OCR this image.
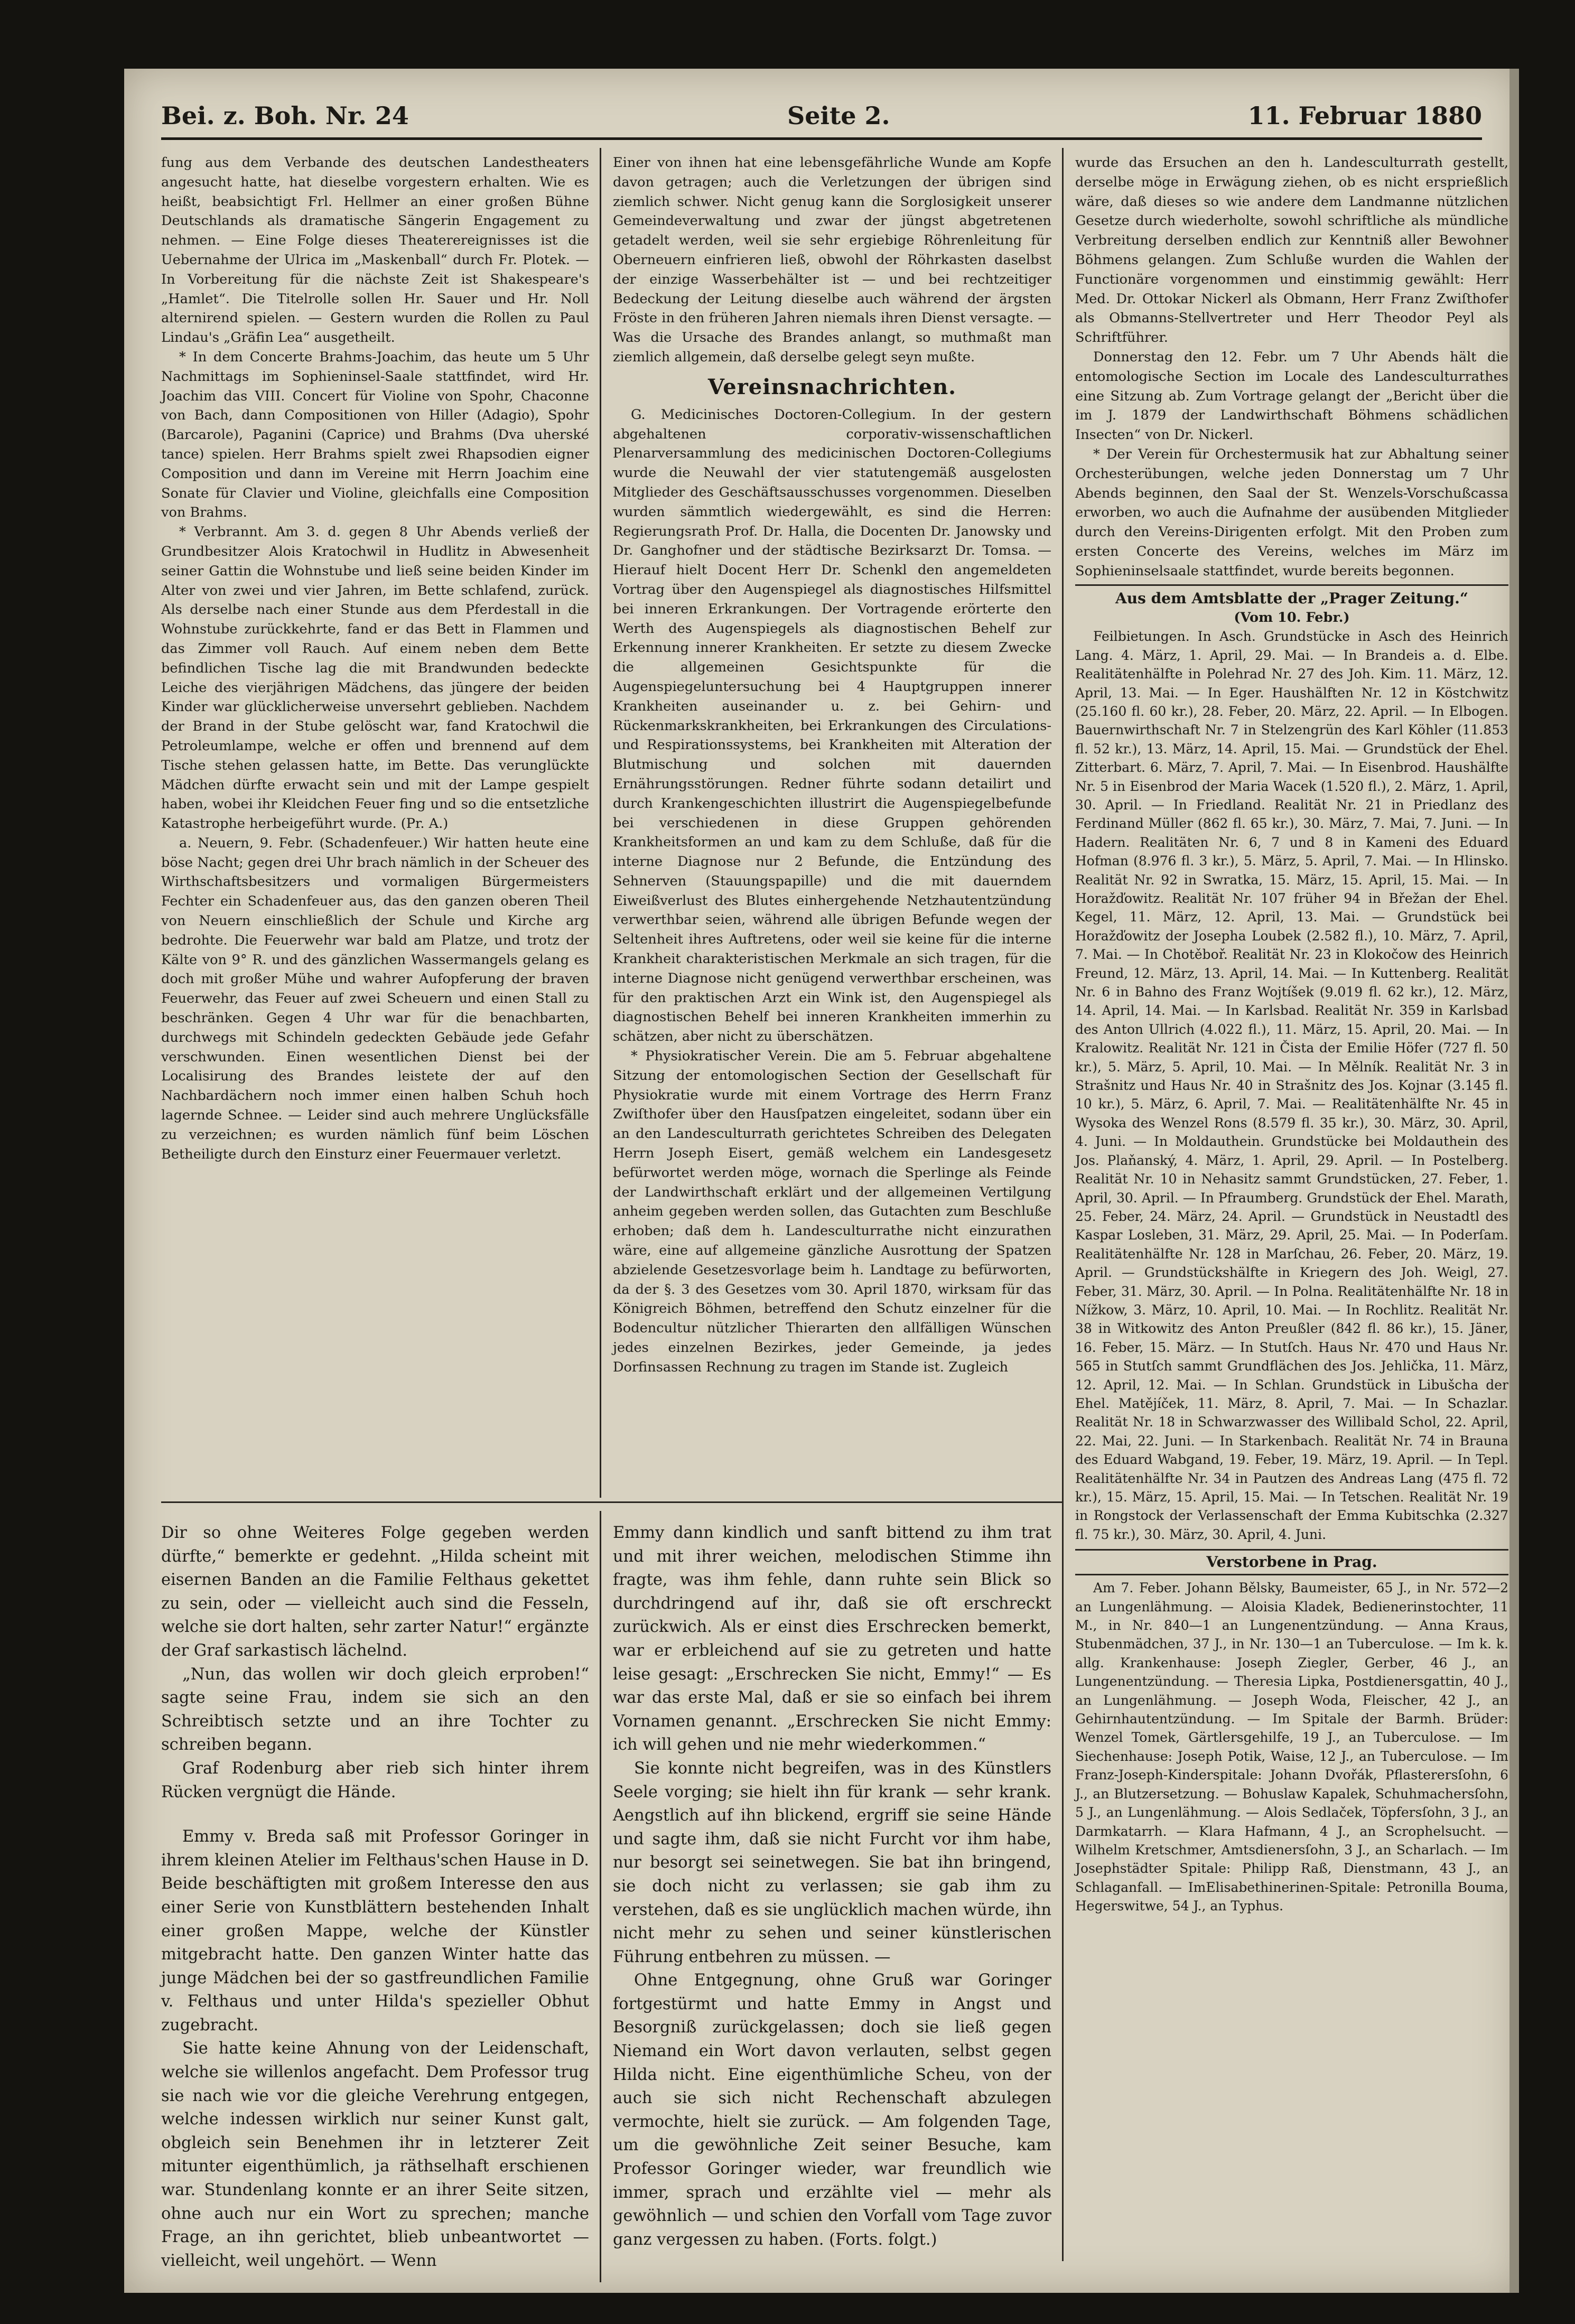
Bei. z. Boh. Nr. 24	Seite 2.	11. Februar 1880

fung aus dem Verbande des deutschen Landestheaters angesucht hatte, hat dieselbe vorgestern erhalten. Wie es heißt, beabsichtigt Frl. Hellmer an einer großen Bühne Deutschlands als dramatische Sängerin Engagement zu nehmen. — Eine Folge dieses Theaterereignisses ist die Uebernahme der Ulrica im „Maskenball“ durch Fr. Plotek. — In Vorbereitung für die nächste Zeit ist Shakespeare's „Hamlet“. Die Titelrolle sollen Hr. Sauer und Hr. Noll alternirend spielen. — Gestern wurden die Rollen zu Paul Lindau's „Gräfin Lea“ ausgetheilt.

* In dem Concerte Brahms-Joachim, das heute um 5 Uhr Nachmittags im Sophieninsel-Saale stattfindet, wird Hr. Joachim das VIII. Concert für Violine von Spohr, Chaconne von Bach, dann Compositionen von Hiller (Adagio), Spohr (Barcarole), Paganini (Caprice) und Brahms (Dva uherské tance) spielen. Herr Brahms spielt zwei Rhapsodien eigner Composition und dann im Vereine mit Herrn Joachim eine Sonate für Clavier und Violine, gleichfalls eine Composition von Brahms.

* Verbrannt. Am 3. d. gegen 8 Uhr Abends verließ der Grundbesitzer Alois Kratochwil in Hudlitz in Abwesenheit seiner Gattin die Wohnstube und ließ seine beiden Kinder im Alter von zwei und vier Jahren, im Bette schlafend, zurück. Als derselbe nach einer Stunde aus dem Pferdestall in die Wohnstube zurückkehrte, fand er das Bett in Flammen und das Zimmer voll Rauch. Auf einem neben dem Bette befindlichen Tische lag die mit Brandwunden bedeckte Leiche des vierjährigen Mädchens, das jüngere der beiden Kinder war glücklicherweise unversehrt geblieben. Nachdem der Brand in der Stube gelöscht war, fand Kratochwil die Petroleumlampe, welche er offen und brennend auf dem Tische stehen gelassen hatte, im Bette. Das verunglückte Mädchen dürfte erwacht sein und mit der Lampe gespielt haben, wobei ihr Kleidchen Feuer fing und so die entsetzliche Katastrophe herbeigeführt wurde. (Pr. A.)

a. Neuern, 9. Febr. (Schadenfeuer.) Wir hatten heute eine böse Nacht; gegen drei Uhr brach nämlich in der Scheuer des Wirthschaftsbesitzers und vormaligen Bürgermeisters Fechter ein Schadenfeuer aus, das den ganzen oberen Theil von Neuern einschließlich der Schule und Kirche arg bedrohte. Die Feuerwehr war bald am Platze, und trotz der Kälte von 9° R. und des gänzlichen Wassermangels gelang es doch mit großer Mühe und wahrer Aufopferung der braven Feuerwehr, das Feuer auf zwei Scheuern und einen Stall zu beschränken. Gegen 4 Uhr war für die benachbarten, durchwegs mit Schindeln gedeckten Gebäude jede Gefahr verschwunden. Einen wesentlichen Dienst bei der Localisirung des Brandes leistete der auf den Nachbardächern noch immer einen halben Schuh hoch lagernde Schnee. — Leider sind auch mehrere Unglücksfälle zu verzeichnen; es wurden nämlich fünf beim Löschen Betheiligte durch den Einsturz einer Feuermauer verletzt.

Einer von ihnen hat eine lebensgefährliche Wunde am Kopfe davon getragen; auch die Verletzungen der übrigen sind ziemlich schwer. Nicht genug kann die Sorglosigkeit unserer Gemeindeverwaltung und zwar der jüngst abgetretenen getadelt werden, weil sie sehr ergiebige Röhrenleitung für Oberneuern einfrieren ließ, obwohl der Röhrkasten daselbst der einzige Wasserbehälter ist — und bei rechtzeitiger Bedeckung der Leitung dieselbe auch während der ärgsten Fröste in den früheren Jahren niemals ihren Dienst versagte. — Was die Ursache des Brandes anlangt, so muthmaßt man ziemlich allgemein, daß derselbe gelegt seyn mußte.

Vereinsnachrichten.

G. Medicinisches Doctoren-Collegium. In der gestern abgehaltenen corporativ-wissenschaftlichen Plenarversammlung des medicinischen Doctoren-Collegiums wurde die Neuwahl der vier statutengemäß ausgelosten Mitglieder des Geschäftsausschusses vorgenommen. Dieselben wurden sämmtlich wiedergewählt, es sind die Herren: Regierungsrath Prof. Dr. Halla, die Docenten Dr. Janowsky und Dr. Ganghofner und der städtische Bezirksarzt Dr. Tomsa. — Hierauf hielt Docent Herr Dr. Schenkl den angemeldeten Vortrag über den Augenspiegel als diagnostisches Hilfsmittel bei inneren Erkrankungen. Der Vortragende erörterte den Werth des Augenspiegels als diagnostischen Behelf zur Erkennung innerer Krankheiten. Er setzte zu diesem Zwecke die allgemeinen Gesichtspunkte für die Augenspiegeluntersuchung bei 4 Hauptgruppen innerer Krankheiten auseinander u. z. bei Gehirn- und Rückenmarkskrankheiten, bei Erkrankungen des Circulations- und Respirationssystems, bei Krankheiten mit Alteration der Blutmischung und solchen mit dauernden Ernährungsstörungen. Redner führte sodann detailirt und durch Krankengeschichten illustrirt die Augenspiegelbefunde bei verschiedenen in diese Gruppen gehörenden Krankheitsformen an und kam zu dem Schluße, daß für die interne Diagnose nur 2 Befunde, die Entzündung des Sehnerven (Stauungspapille) und die mit dauerndem Eiweißverlust des Blutes einhergehende Netzhautentzündung verwerthbar seien, während alle übrigen Befunde wegen der Seltenheit ihres Auftretens, oder weil sie keine für die interne Krankheit charakteristischen Merkmale an sich tragen, für die interne Diagnose nicht genügend verwerthbar erscheinen, was für den praktischen Arzt ein Wink ist, den Augenspiegel als diagnostischen Behelf bei inneren Krankheiten immerhin zu schätzen, aber nicht zu überschätzen.

* Physiokratischer Verein. Die am 5. Februar abgehaltene Sitzung der entomologischen Section der Gesellschaft für Physiokratie wurde mit einem Vortrage des Herrn Franz Zwiſthofer über den Hausſpatzen eingeleitet, sodann über ein an den Landesculturrath gerichtetes Schreiben des Delegaten Herrn Joseph Eisert, gemäß welchem ein Landesgesetz befürwortet werden möge, wornach die Sperlinge als Feinde der Landwirthschaft erklärt und der allgemeinen Vertilgung anheim gegeben werden sollen, das Gutachten zum Beschluße erhoben; daß dem h. Landesculturrathe nicht einzurathen wäre, eine auf allgemeine gänzliche Ausrottung der Spatzen abzielende Gesetzesvorlage beim h. Landtage zu befürworten, da der §. 3 des Gesetzes vom 30. April 1870, wirksam für das Königreich Böhmen, betreffend den Schutz einzelner für die Bodencultur nützlicher Thierarten den allfälligen Wünschen jedes einzelnen Bezirkes, jeder Gemeinde, ja jedes Dorfinsassen Rechnung zu tragen im Stande ist. Zugleich

wurde das Ersuchen an den h. Landesculturrath gestellt, derselbe möge in Erwägung ziehen, ob es nicht ersprießlich wäre, daß dieses so wie andere dem Landmanne nützlichen Gesetze durch wiederholte, sowohl schriftliche als mündliche Verbreitung derselben endlich zur Kenntniß aller Bewohner Böhmens gelangen. Zum Schluße wurden die Wahlen der Functionäre vorgenommen und einstimmig gewählt: Herr Med. Dr. Ottokar Nickerl als Obmann, Herr Franz Zwiſthofer als Obmanns-Stellvertreter und Herr Theodor Peyl als Schriftführer.

Donnerstag den 12. Febr. um 7 Uhr Abends hält die entomologische Section im Locale des Landesculturrathes eine Sitzung ab. Zum Vortrage gelangt der „Bericht über die im J. 1879 der Landwirthschaft Böhmens schädlichen Insecten“ von Dr. Nickerl.

* Der Verein für Orchestermusik hat zur Abhaltung seiner Orchesterübungen, welche jeden Donnerstag um 7 Uhr Abends beginnen, den Saal der St. Wenzels-Vorschußcassa erworben, wo auch die Aufnahme der ausübenden Mitglieder durch den Vereins-Dirigenten erfolgt. Mit den Proben zum ersten Concerte des Vereins, welches im März im Sophieninselsaale stattfindet, wurde bereits begonnen.

Aus dem Amtsblatte der „Prager Zeitung.“
(Vom 10. Febr.)

Feilbietungen. In Asch. Grundstücke in Asch des Heinrich Lang. 4. März, 1. April, 29. Mai. — In Brandeis a. d. Elbe. Realitätenhälfte in Polehrad Nr. 27 des Joh. Kim. 11. März, 12. April, 13. Mai. — In Eger. Haushälften Nr. 12 in Köstchwitz (25.160 fl. 60 kr.), 28. Feber, 20. März, 22. April. — In Elbogen. Bauernwirthschaft Nr. 7 in Stelzengrün des Karl Köhler (11.853 fl. 52 kr.), 13. März, 14. April, 15. Mai. — Grundstück der Ehel. Zitterbart. 6. März, 7. April, 7. Mai. — In Eisenbrod. Haushälfte Nr. 5 in Eisenbrod der Maria Wacek (1.520 fl.), 2. März, 1. April, 30. April. — In Friedland. Realität Nr. 21 in Priedlanz des Ferdinand Müller (862 fl. 65 kr.), 30. März, 7. Mai, 7. Juni. — In Hadern. Realitäten Nr. 6, 7 und 8 in Kameni des Eduard Hofman (8.976 fl. 3 kr.), 5. März, 5. April, 7. Mai. — In Hlinsko. Realität Nr. 92 in Swratka, 15. März, 15. April, 15. Mai. — In Horažďowitz. Realität Nr. 107 früher 94 in Břežan der Ehel. Kegel, 11. März, 12. April, 13. Mai. — Grundstück bei Horažďowitz der Josepha Loubek (2.582 fl.), 10. März, 7. April, 7. Mai. — In Chotěboř. Realität Nr. 23 in Klokočow des Heinrich Freund, 12. März, 13. April, 14. Mai. — In Kuttenberg. Realität Nr. 6 in Bahno des Franz Wojtíšek (9.019 fl. 62 kr.), 12. März, 14. April, 14. Mai. — In Karlsbad. Realität Nr. 359 in Karlsbad des Anton Ullrich (4.022 fl.), 11. März, 15. April, 20. Mai. — In Kralowitz. Realität Nr. 121 in Čista der Emilie Höfer (727 fl. 50 kr.), 5. März, 5. April, 10. Mai. — In Mělník. Realität Nr. 3 in Strašnitz und Haus Nr. 40 in Strašnitz des Jos. Kojnar (3.145 fl. 10 kr.), 5. März, 6. April, 7. Mai. — Realitätenhälfte Nr. 45 in Wysoka des Wenzel Rons (8.579 fl. 35 kr.), 30. März, 30. April, 4. Juni. — In Moldauthein. Grundstücke bei Moldauthein des Jos. Plaňanský, 4. März, 1. April, 29. April. — In Postelberg. Realität Nr. 10 in Nehasitz sammt Grundstücken, 27. Feber, 1. April, 30. April. — In Pfraumberg. Grundstück der Ehel. Marath, 25. Feber, 24. März, 24. April. — Grundstück in Neustadtl des Kaspar Losleben, 31. März, 29. April, 25. Mai. — In Poderſam. Realitätenhälfte Nr. 128 in Marſchau, 26. Feber, 20. März, 19. April. — Grundstückshälfte in Kriegern des Joh. Weigl, 27. Feber, 31. März, 30. April. — In Polna. Realitätenhälfte Nr. 18 in Nížkow, 3. März, 10. April, 10. Mai. — In Rochlitz. Realität Nr. 38 in Witkowitz des Anton Preußler (842 fl. 86 kr.), 15. Jäner, 16. Feber, 15. März. — In Stutſch. Haus Nr. 470 und Haus Nr. 565 in Stutſch sammt Grundflächen des Jos. Jehlička, 11. März, 12. April, 12. Mai. — In Schlan. Grundstück in Libušcha der Ehel. Matějíček, 11. März, 8. April, 7. Mai. — In Schazlar. Realität Nr. 18 in Schwarzwasser des Willibald Schol, 22. April, 22. Mai, 22. Juni. — In Starkenbach. Realität Nr. 74 in Brauna des Eduard Wabgand, 19. Feber, 19. März, 19. April. — In Tepl. Realitätenhälfte Nr. 34 in Pautzen des Andreas Lang (475 fl. 72 kr.), 15. März, 15. April, 15. Mai. — In Tetschen. Realität Nr. 19 in Rongstock der Verlassenschaft der Emma Kubitschka (2.327 fl. 75 kr.), 30. März, 30. April, 4. Juni.

Verstorbene in Prag.

Am 7. Feber. Johann Bělsky, Baumeister, 65 J., in Nr. 572—2 an Lungenlähmung. — Aloisia Kladek, Bedienerinstochter, 11 M., in Nr. 840—1 an Lungenentzündung. — Anna Kraus, Stubenmädchen, 37 J., in Nr. 130—1 an Tuberculose. — Im k. k. allg. Krankenhause: Joseph Ziegler, Gerber, 46 J., an Lungenentzündung. — Theresia Lipka, Postdienersgattin, 40 J., an Lungenlähmung. — Joseph Woda, Fleischer, 42 J., an Gehirnhautentzündung. — Im Spitale der Barmh. Brüder: Wenzel Tomek, Gärtlersgehilfe, 19 J., an Tuberculose. — Im Siechenhause: Joseph Potik, Waise, 12 J., an Tuberculose. — Im Franz-Joseph-Kinderspitale: Johann Dvořák, Pflasterersſohn, 6 J., an Blutzersetzung. — Bohuslaw Kapalek, Schuhmachersſohn, 5 J., an Lungenlähmung. — Alois Sedlaček, Töpfersſohn, 3 J., an Darmkatarrh. — Klara Hafmann, 4 J., an Scrophelsucht. — Wilhelm Kretschmer, Amtsdienersſohn, 3 J., an Scharlach. — Im Josephstädter Spitale: Philipp Raß, Dienstmann, 43 J., an Schlaganfall. — ImElisabethinerinen-Spitale: Petronilla Bouma, Hegerswitwe, 54 J., an Typhus.

Dir so ohne Weiteres Folge gegeben werden dürfte,“ bemerkte er gedehnt. „Hilda scheint mit eisernen Banden an die Familie Felthaus gekettet zu sein, oder — vielleicht auch sind die Fesseln, welche sie dort halten, sehr zarter Natur!“ ergänzte der Graf sarkastisch lächelnd.

„Nun, das wollen wir doch gleich erproben!“ sagte seine Frau, indem sie sich an den Schreibtisch setzte und an ihre Tochter zu schreiben begann.

Graf Rodenburg aber rieb sich hinter ihrem Rücken vergnügt die Hände.

Emmy v. Breda saß mit Professor Goringer in ihrem kleinen Atelier im Felthaus'schen Hause in D. Beide beschäftigten mit großem Interesse den aus einer Serie von Kunstblättern bestehenden Inhalt einer großen Mappe, welche der Künstler mitgebracht hatte. Den ganzen Winter hatte das junge Mädchen bei der so gastfreundlichen Familie v. Felthaus und unter Hilda's spezieller Obhut zugebracht.

Sie hatte keine Ahnung von der Leidenschaft, welche sie willenlos angefacht. Dem Professor trug sie nach wie vor die gleiche Verehrung entgegen, welche indessen wirklich nur seiner Kunst galt, obgleich sein Benehmen ihr in letzterer Zeit mitunter eigenthümlich, ja räthselhaft erschienen war. Stundenlang konnte er an ihrer Seite sitzen, ohne auch nur ein Wort zu sprechen; manche Frage, an ihn gerichtet, blieb unbeantwortet — vielleicht, weil ungehört. — Wenn

Emmy dann kindlich und sanft bittend zu ihm trat und mit ihrer weichen, melodischen Stimme ihn fragte, was ihm fehle, dann ruhte sein Blick so durchdringend auf ihr, daß sie oft erschreckt zurückwich. Als er einst dies Erschrecken bemerkt, war er erbleichend auf sie zu getreten und hatte leise gesagt: „Erschrecken Sie nicht, Emmy!“ — Es war das erste Mal, daß er sie so einfach bei ihrem Vornamen genannt. „Erschrecken Sie nicht Emmy: ich will gehen und nie mehr wiederkommen.“

Sie konnte nicht begreifen, was in des Künstlers Seele vorging; sie hielt ihn für krank — sehr krank. Aengstlich auf ihn blickend, ergriff sie seine Hände und sagte ihm, daß sie nicht Furcht vor ihm habe, nur besorgt sei seinetwegen. Sie bat ihn bringend, sie doch nicht zu verlassen; sie gab ihm zu verstehen, daß es sie unglücklich machen würde, ihn nicht mehr zu sehen und seiner künstlerischen Führung entbehren zu müssen. —

Ohne Entgegnung, ohne Gruß war Goringer fortgestürmt und hatte Emmy in Angst und Besorgniß zurückgelassen; doch sie ließ gegen Niemand ein Wort davon verlauten, selbst gegen Hilda nicht. Eine eigenthümliche Scheu, von der auch sie sich nicht Rechenschaft abzulegen vermochte, hielt sie zurück. — Am folgenden Tage, um die gewöhnliche Zeit seiner Besuche, kam Professor Goringer wieder, war freundlich wie immer, sprach und erzählte viel — mehr als gewöhnlich — und schien den Vorfall vom Tage zuvor ganz vergessen zu haben. (Forts. folgt.)
